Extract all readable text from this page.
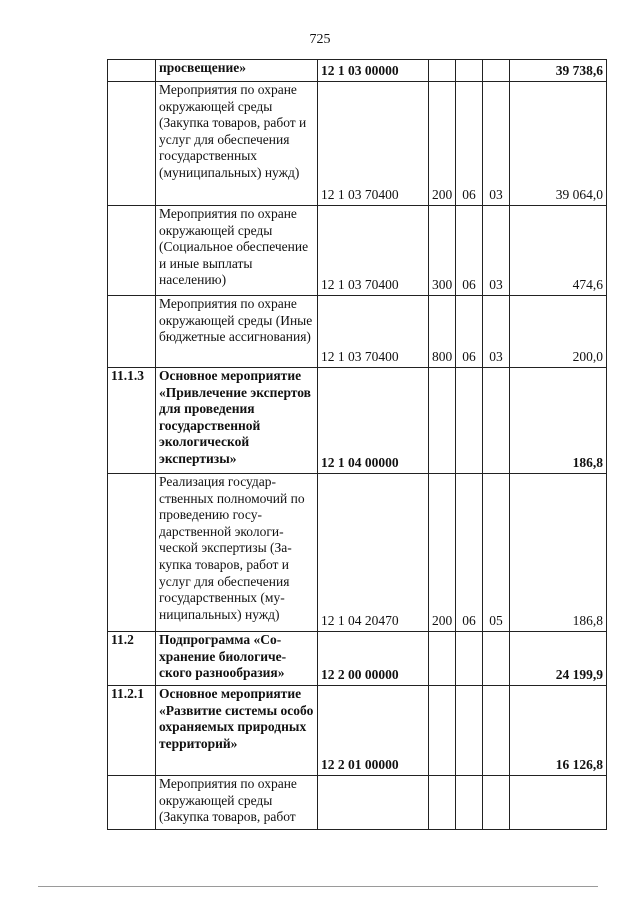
725
	просвещение»	12 1 03 00000				39 738,6
	Мероприятия по охране окружающей среды (Закупка товаров, работ и услуг для обеспечения государственных (муниципальных) нужд)	12 1 03 70400	200	06	03	39 064,0
	Мероприятия по охране окружающей среды (Социальное обеспечение и иные выплаты населению)	12 1 03 70400	300	06	03	474,6
	Мероприятия по охране окружающей среды (Иные бюджетные ассигнования)	12 1 03 70400	800	06	03	200,0
11.1.3	Основное мероприятие «Привлечение экспертов для проведения государственной экологической экспертизы»	12 1 04 00000				186,8
	Реализация государственных полномочий по проведению государственной экологической экспертизы (Закупка товаров, работ и услуг для обеспечения государственных (муниципальных) нужд)	12 1 04 20470	200	06	05	186,8
11.2	Подпрограмма «Сохранение биологического разнообразия»	12 2 00 00000				24 199,9
11.2.1	Основное мероприятие «Развитие системы особо охраняемых природных территорий»	12 2 01 00000				16 126,8
	Мероприятия по охране окружающей среды (Закупка товаров, работ					
